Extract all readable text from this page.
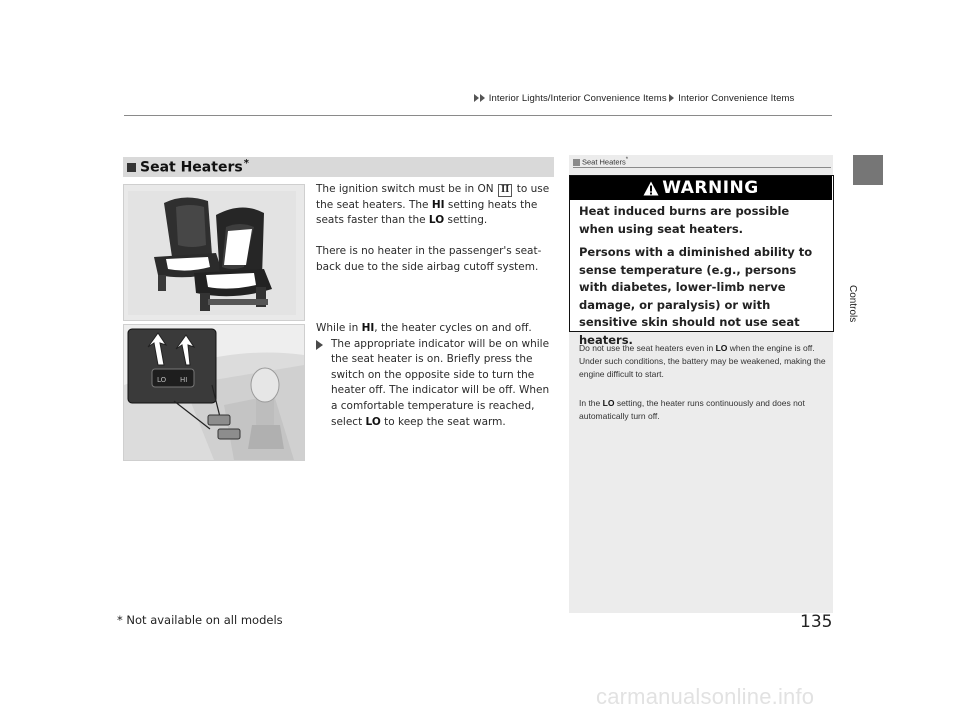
Interior Lights/Interior Convenience Items Interior Convenience Items
Controls
Seat Heaters*
LO HI
The ignition switch must be in ON II to use the seat heaters. The HI setting heats the seats faster than the LO setting.
There is no heater in the passenger's seat-back due to the side airbag cutoff system.
While in HI, the heater cycles on and off.
The appropriate indicator will be on while the seat heater is on. Briefly press the switch on the opposite side to turn the heater off. The indicator will be off. When a comfortable temperature is reached, select LO to keep the seat warm.
Seat Heaters*
WARNING
Heat induced burns are possible when using seat heaters.
Persons with a diminished ability to sense temperature (e.g., persons with diabetes, lower-limb nerve damage, or paralysis) or with sensitive skin should not use seat heaters.
Do not use the seat heaters even in LO when the engine is off. Under such conditions, the battery may be weakened, making the engine difficult to start.
In the LO setting, the heater runs continuously and does not automatically turn off.
* Not available on all models	135
carmanualsonline.info
